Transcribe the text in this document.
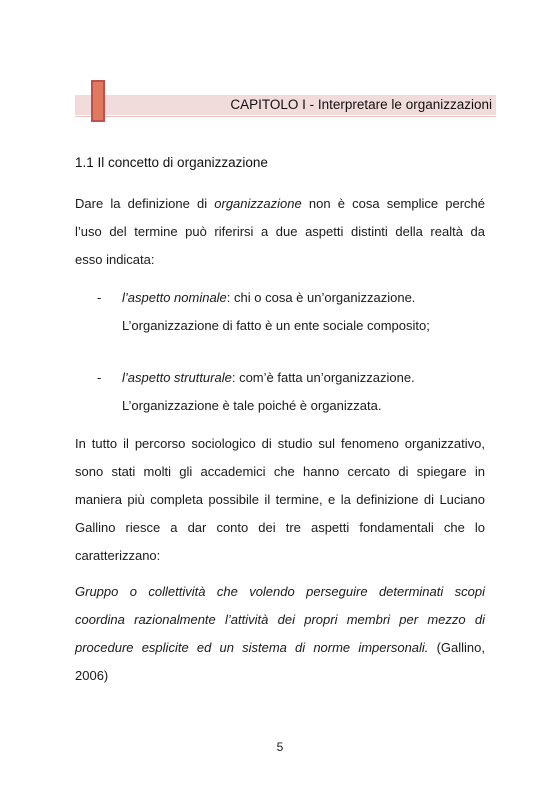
CAPITOLO I - Interpretare le organizzazioni
1.1 Il concetto di organizzazione
Dare la definizione di organizzazione non è cosa semplice perché
l’uso del termine può riferirsi a due aspetti distinti della realtà da
esso indicata:
- l’aspetto nominale: chi o cosa è un’organizzazione.
L’organizzazione di fatto è un ente sociale composito;
- l’aspetto strutturale: com’è fatta un’organizzazione.
L’organizzazione è tale poiché è organizzata.
In tutto il percorso sociologico di studio sul fenomeno organizzativo,
sono stati molti gli accademici che hanno cercato di spiegare in
maniera più completa possibile il termine, e la definizione di Luciano
Gallino riesce a dar conto dei tre aspetti fondamentali che lo
caratterizzano:
Gruppo o collettività che volendo perseguire determinati scopi
coordina razionalmente l’attività dei propri membri per mezzo di
procedure esplicite ed un sistema di norme impersonali. (Gallino,
2006)
5
